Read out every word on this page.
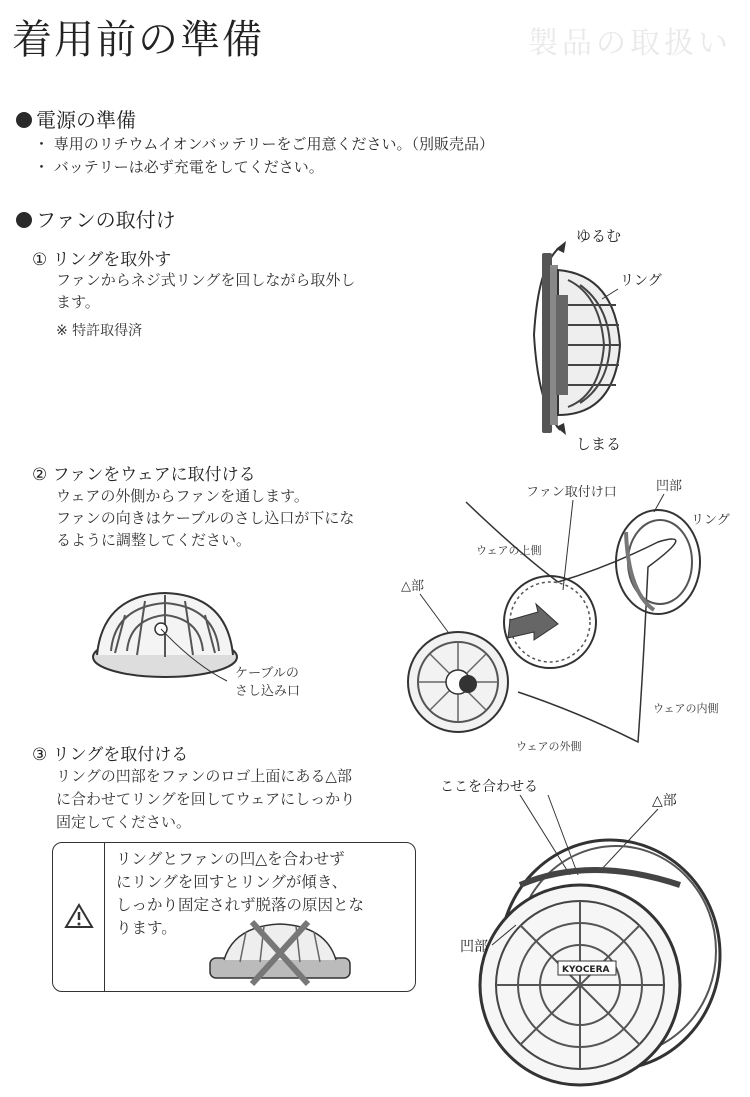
着用前の準備	製品の取扱い
電源の準備
・ 専用のリチウムイオンバッテリーをご用意ください。（別販売品）
・ バッテリーは必ず充電をしてください。
ファンの取付け
① リングを取外す
ファンからネジ式リングを回しながら取外し
ます。
※ 特許取得済
ゆるむ
リング
しまる
② ファンをウェアに取付ける
ウェアの外側からファンを通します。
ファンの向きはケーブルのさし込口が下にな
るように調整してください。
ケーブルの
さし込み口
ファン取付け口	凹部
リング
ウェアの上側
△部
ウェアの内側
ウェアの外側
③ リングを取付ける
リングの凹部をファンのロゴ上面にある△部
に合わせてリングを回してウェアにしっかり
固定してください。
リングとファンの凹△を合わせず
にリングを回すとリングが傾き、
しっかり固定されず脱落の原因とな
ります。
ここを合わせる
△部
KYOCERA
凹部
